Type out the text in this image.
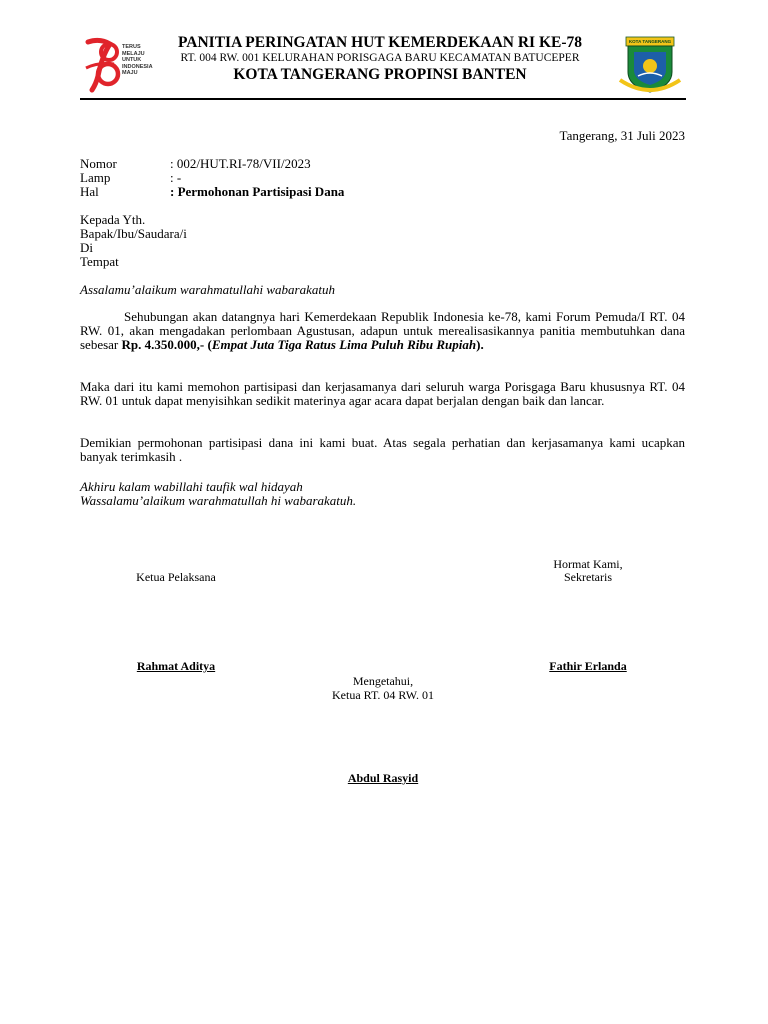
TERUS
MELAJU
UNTUK
INDONESIA
MAJU
PANITIA PERINGATAN HUT KEMERDEKAAN RI KE-78
RT. 004 RW. 001 KELURAHAN PORISGAGA BARU KECAMATAN BATUCEPER
KOTA TANGERANG PROPINSI BANTEN
KOTA TANGERANG
Tangerang, 31 Juli 2023
Nomor	: 002/HUT.RI-78/VII/2023
Lamp	: -
Hal	: Permohonan Partisipasi Dana
Kepada Yth.
Bapak/Ibu/Saudara/i
Di
Tempat
Assalamu’alaikum warahmatullahi wabarakatuh
Sehubungan akan datangnya hari Kemerdekaan Republik Indonesia ke-78, kami Forum Pemuda/I RT. 04 RW. 01, akan mengadakan perlombaan Agustusan, adapun untuk merealisasikannya panitia membutuhkan dana sebesar Rp. 4.350.000,- (Empat Juta Tiga Ratus Lima Puluh Ribu Rupiah).
Maka dari itu kami memohon partisipasi dan kerjasamanya dari seluruh warga Porisgaga Baru khususnya RT. 04 RW. 01 untuk dapat menyisihkan sedikit materinya agar acara dapat berjalan dengan baik dan lancar.
Demikian permohonan partisipasi dana ini kami buat. Atas segala perhatian dan kerjasamanya kami ucapkan banyak terimkasih .
Akhiru kalam wabillahi taufik wal hidayah
Wassalamu’alaikum warahmatullah hi wabarakatuh.
Hormat Kami,
Ketua Pelaksana	Sekretaris
Rahmat Aditya	Fathir Erlanda
Mengetahui,
Ketua RT. 04 RW. 01
Abdul Rasyid
